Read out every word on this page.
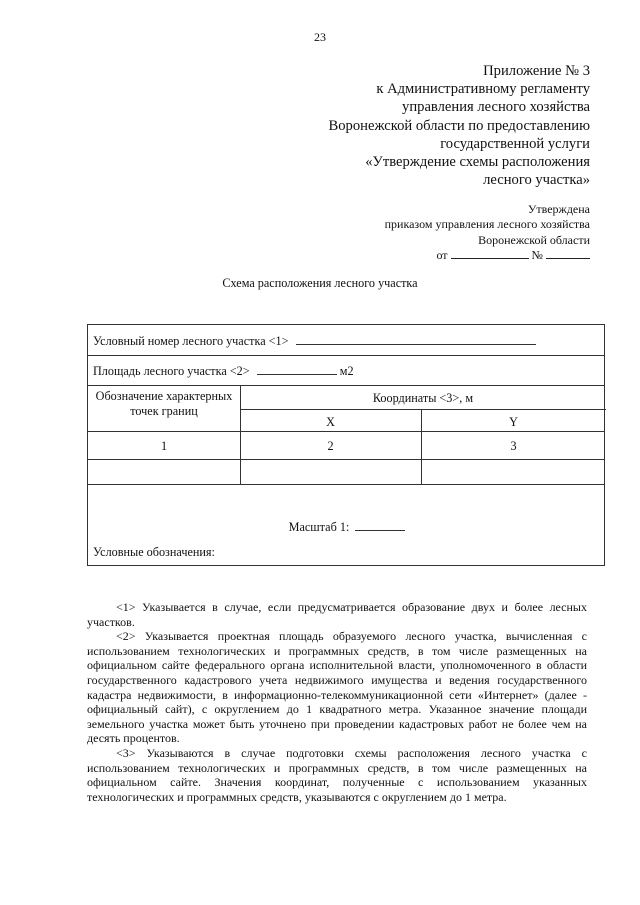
23
Приложение № 3
к Административному регламенту
управления лесного хозяйства
Воронежской области по предоставлению
государственной услуги
«Утверждение схемы расположения
лесного участка»
Утверждена
приказом управления лесного хозяйства
Воронежской области
от	№
Схема расположения лесного участка
Условный номер лесного участка <1>
Площадь лесного участка <2>	м2
Обозначение характерных
точек границ
Координаты <3>, м
X	Y
1	2	3
Масштаб 1:
Условные обозначения:

<1> Указывается в случае, если предусматривается образование двух и более лесных участков.

<2> Указывается проектная площадь образуемого лесного участка, вычисленная с использованием технологических и программных средств, в том числе размещенных на официальном сайте федерального органа исполнительной власти, уполномоченного в области государственного кадастрового учета недвижимого имущества и ведения государственного кадастра недвижимости, в информационно-телекоммуникационной сети «Интернет» (далее - официальный сайт), с округлением до 1 квадратного метра. Указанное значение площади земельного участка может быть уточнено при проведении кадастровых работ не более чем на десять процентов.

<3> Указываются в случае подготовки схемы расположения лесного участка с использованием технологических и программных средств, в том числе размещенных на официальном сайте. Значения координат, полученные с использованием указанных технологических и программных средств, указываются с округлением до 1 метра.
